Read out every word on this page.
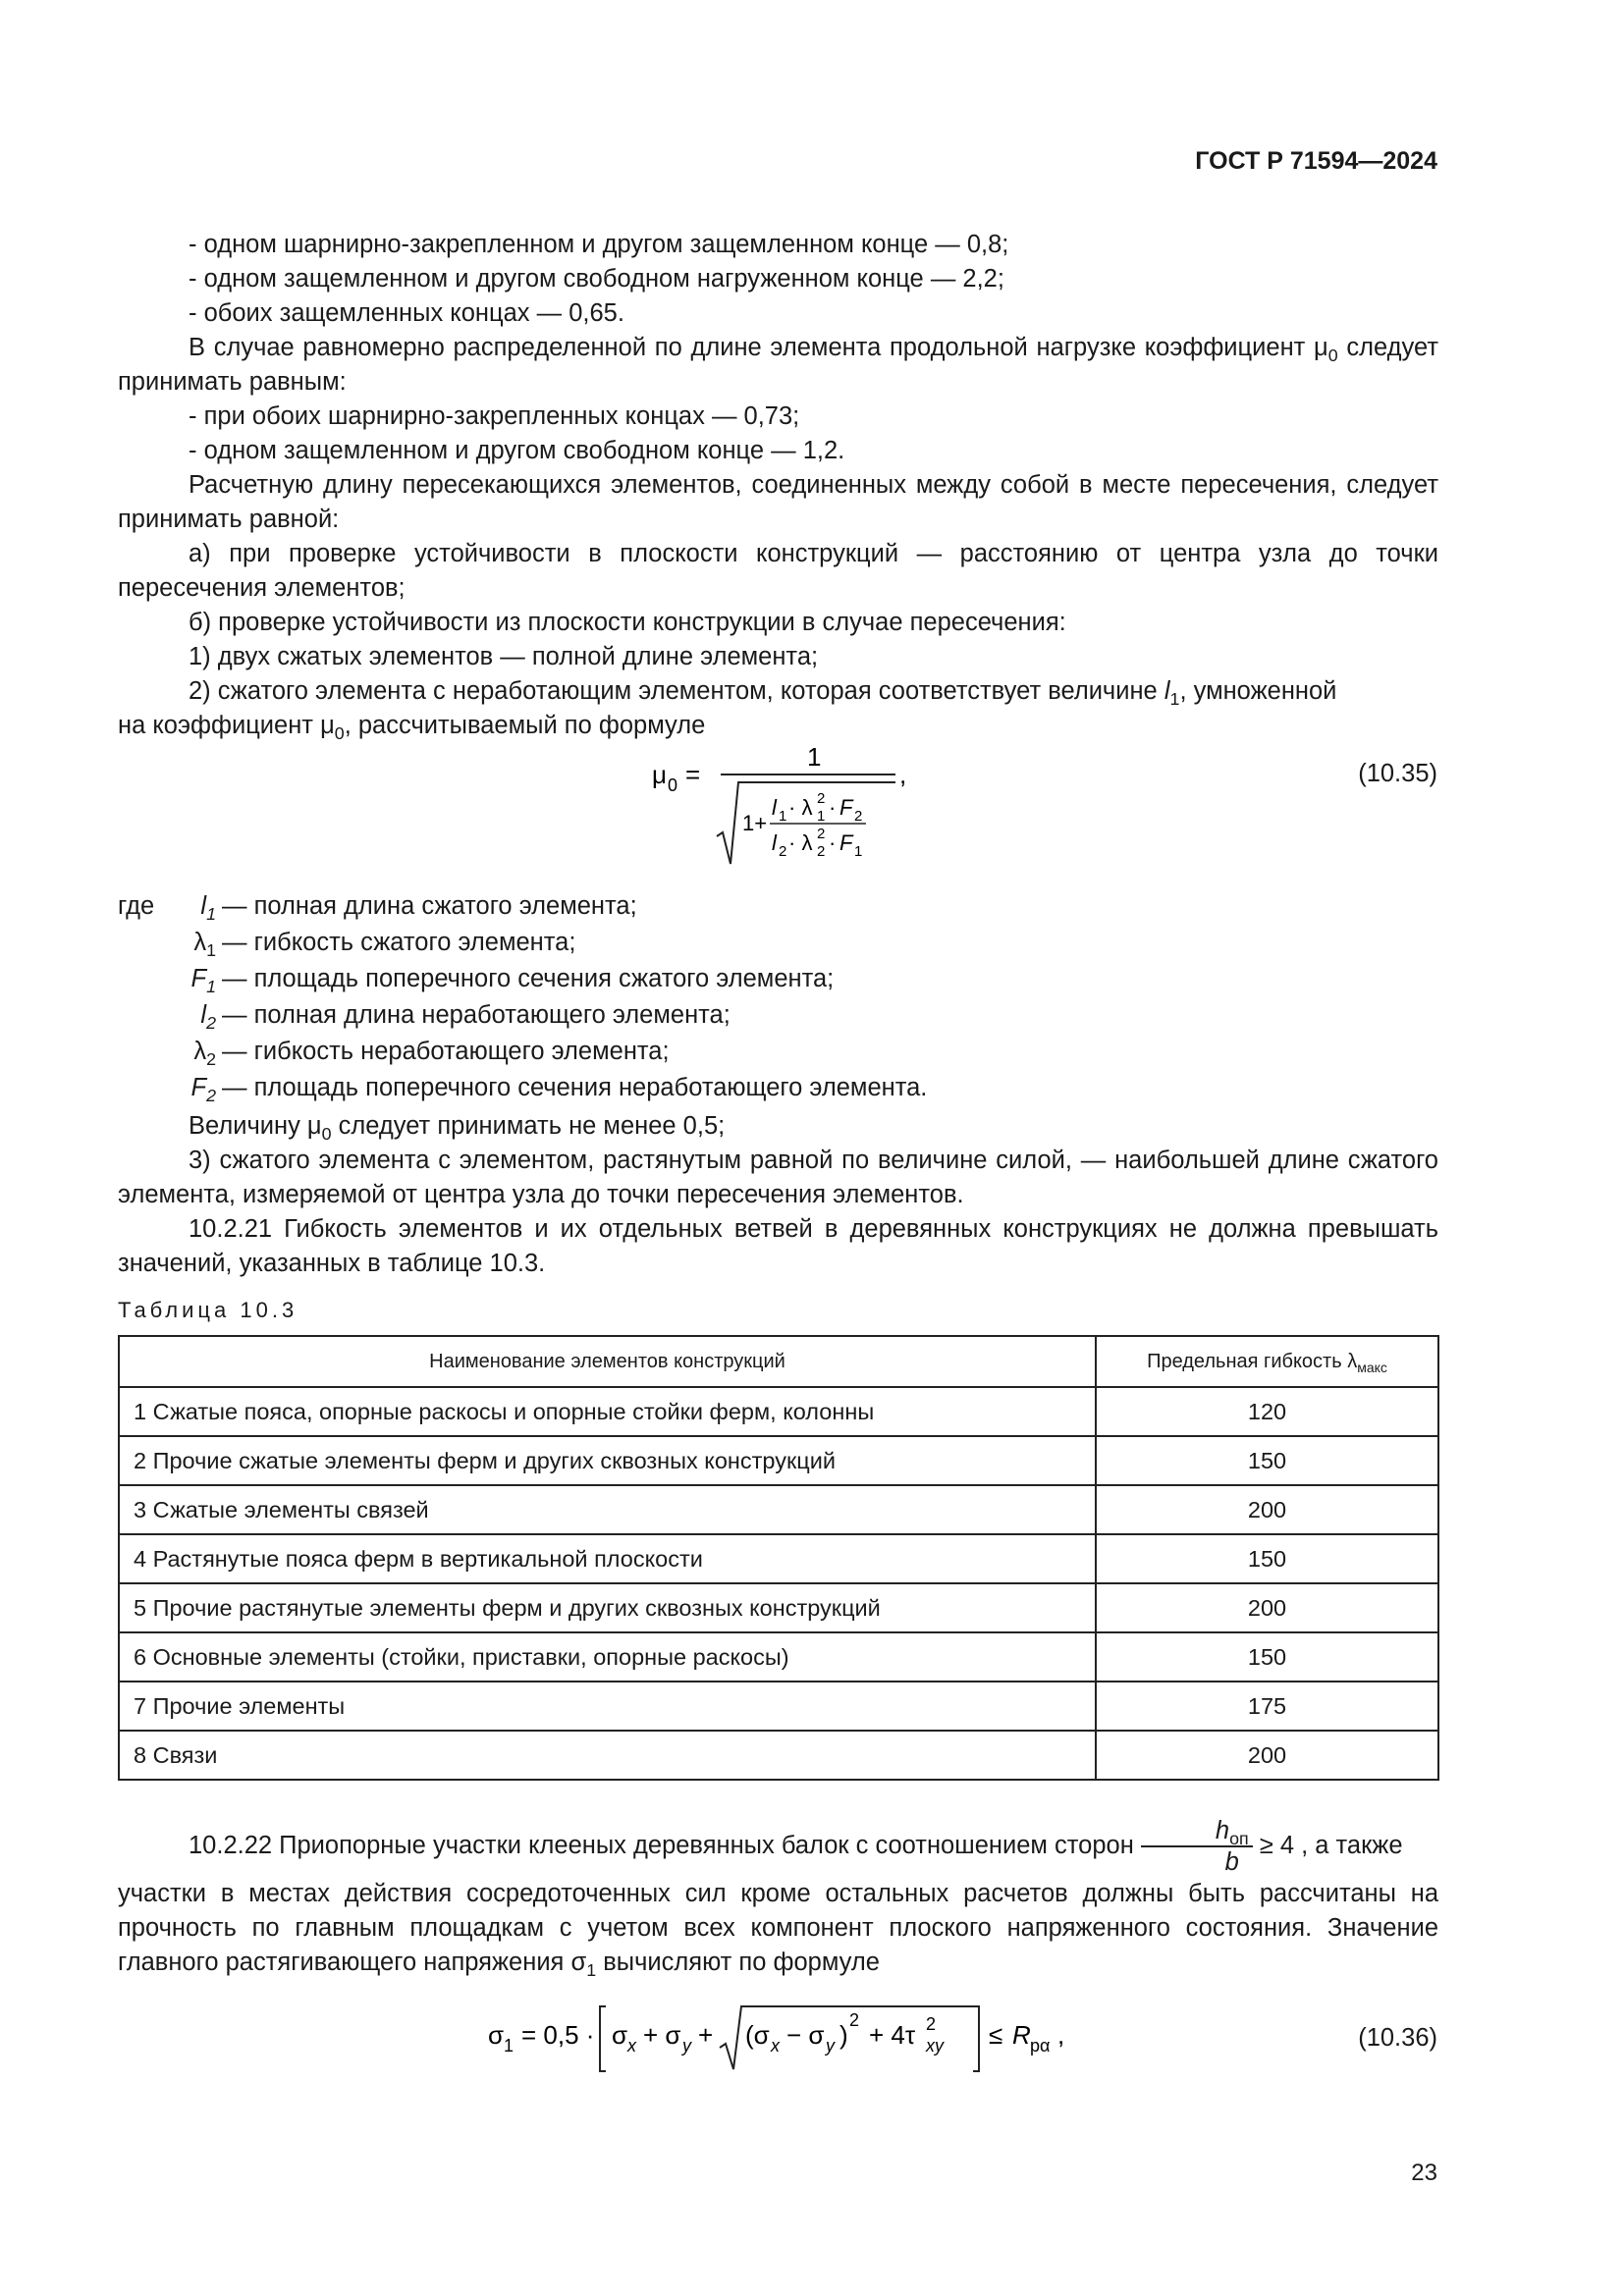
ГОСТ Р 71594—2024

- одном шарнирно-закрепленном и другом защемленном конце — 0,8;

- одном защемленном и другом свободном нагруженном конце — 2,2;

- обоих защемленных концах — 0,65.

В случае равномерно распределенной по длине элемента продольной нагрузке коэффициент $\mu_0$ следует принимать равным:

- при обоих шарнирно-закрепленных концах — 0,73;

- одном защемленном и другом свободном конце — 1,2.

Расчетную длину пересекающихся элементов, соединенных между собой в месте пересечения, следует принимать равной:

а) при проверке устойчивости в плоскости конструкций — расстоянию от центра узла до точки пересечения элементов;

б) проверке устойчивости из плоскости конструкции в случае пересечения:

1) двух сжатых элементов — полной длине элемента;

2) сжатого элемента с неработающим элементом, которая соответствует величине $l_1$, умноженной
на коэффициент $\mu_0$, рассчитываемый по формуле

μ 0 =
1
1+
l 1 · λ 2
1 · F 2
l 2 · λ 2
2 · F 1
,	(10.35)
где	$l_1$ — полная длина сжатого элемента;
$\lambda_1$ — гибкость сжатого элемента;
$F_1$ — площадь поперечного сечения сжатого элемента;
$l_2$ — полная длина неработающего элемента;
$\lambda_2$ — гибкость неработающего элемента;
$F_2$ — площадь поперечного сечения неработающего элемента.

Величину $\mu_0$ следует принимать не менее 0,5;

3) сжатого элемента с элементом, растянутым равной по величине силой, — наибольшей длине сжатого элемента, измеряемой от центра узла до точки пересечения элементов.

10.2.21 Гибкость элементов и их отдельных ветвей в деревянных конструкциях не должна превышать значений, указанных в таблице 10.3.

Таблица 10.3
Наименование элементов конструкций	Предельная гибкость $\lambda_{макс}$
1 Сжатые пояса, опорные раскосы и опорные стойки ферм, колонны	120
2 Прочие сжатые элементы ферм и других сквозных конструкций	150
3 Сжатые элементы связей	200
4 Растянутые пояса ферм в вертикальной плоскости	150
5 Прочие растянутые элементы ферм и других сквозных конструкций	200
6 Основные элементы (стойки, приставки, опорные раскосы)	150
7 Прочие элементы	175
8 Связи	200

10.2.22 Приопорные участки клееных деревянных балок с соотношением сторон $\frac{h_{оп}}{b} \ge 4$ , а также

участки в местах действия сосредоточенных сил кроме остальных расчетов должны быть рассчитаны на прочность по главным площадкам с учетом всех компонент плоского напряженного состояния. Значение главного растягивающего напряжения $\sigma_1$ вычисляют по формуле

σ 1 = 0,5 · σ x + σ y + (σ x − σ y ) 2 + 4τ 2
xy ≤ R рα ,	(10.36)
23
